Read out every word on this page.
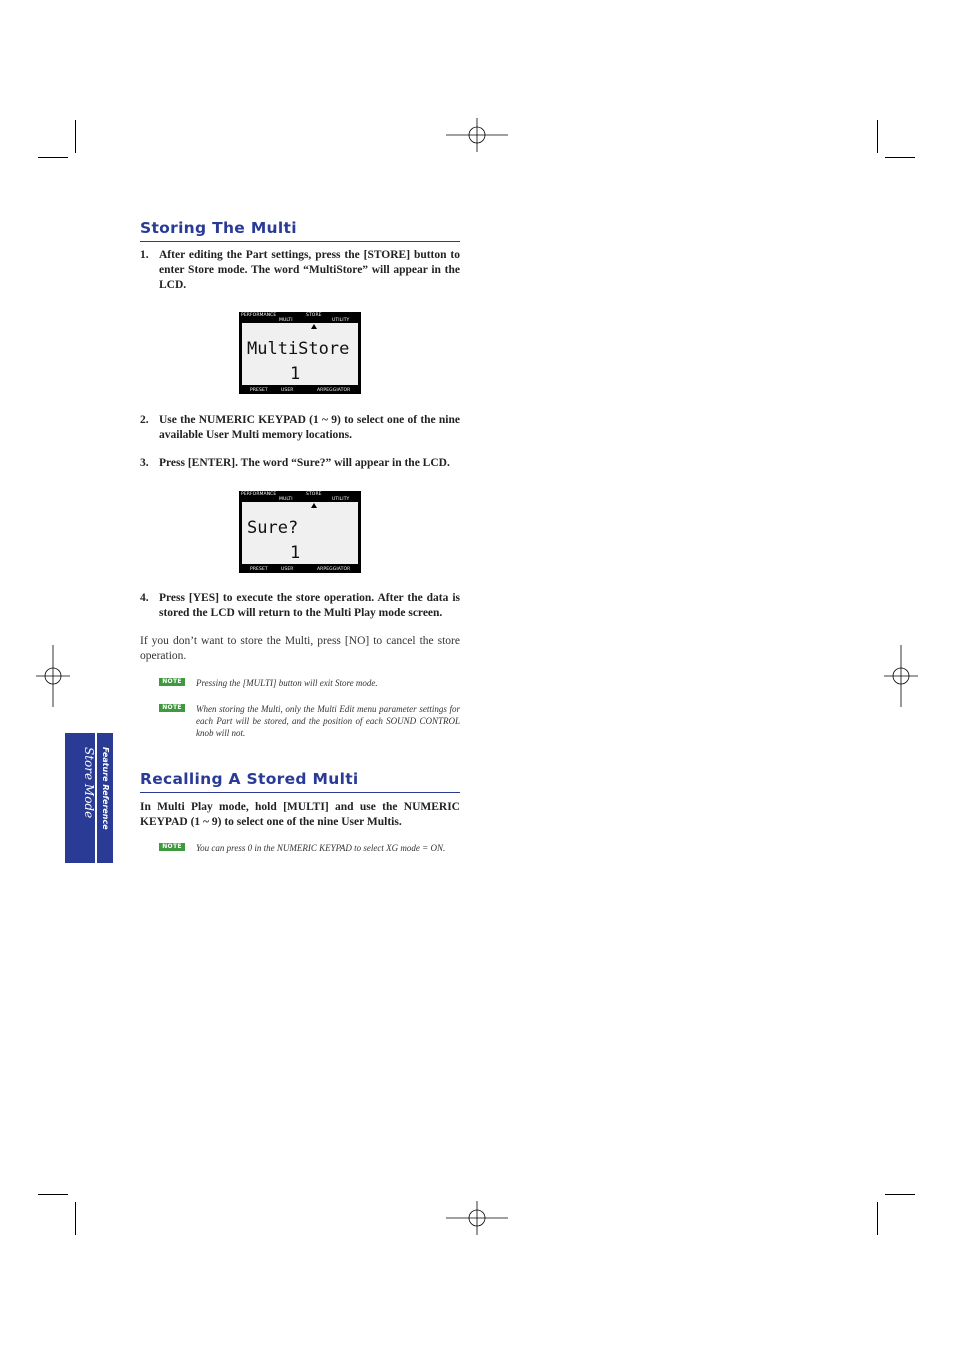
Storing The Multi
1. After editing the Part settings, press the [STORE] button to enter Store mode. The word “MultiStore” will appear in the LCD.
PERFORMANCE	STORE
MULTI	UTILITY
MultiStore
1
PRESET	USER	ARPEGGIATOR
2. Use the NUMERIC KEYPAD (1 ~ 9) to select one of the nine available User Multi memory locations.
3. Press [ENTER]. The word “Sure?” will appear in the LCD.
PERFORMANCE	STORE
MULTI	UTILITY
Sure?
1
PRESET	USER	ARPEGGIATOR
4. Press [YES] to execute the store operation. After the data is stored the LCD will return to the Multi Play mode screen.
If you don’t want to store the Multi, press [NO] to cancel the store operation.
NOTE	Pressing the [MULTI] button will exit Store mode.
NOTE	When storing the Multi, only the Multi Edit menu parameter settings for each Part will be stored, and the position of each SOUND CONTROL knob will not.
Recalling A Stored Multi
In Multi Play mode, hold [MULTI] and use the NUMERIC KEYPAD (1 ~ 9) to select one of the nine User Multis.
NOTE	You can press 0 in the NUMERIC KEYPAD to select XG mode = ON.
Store Mode Feature Reference
